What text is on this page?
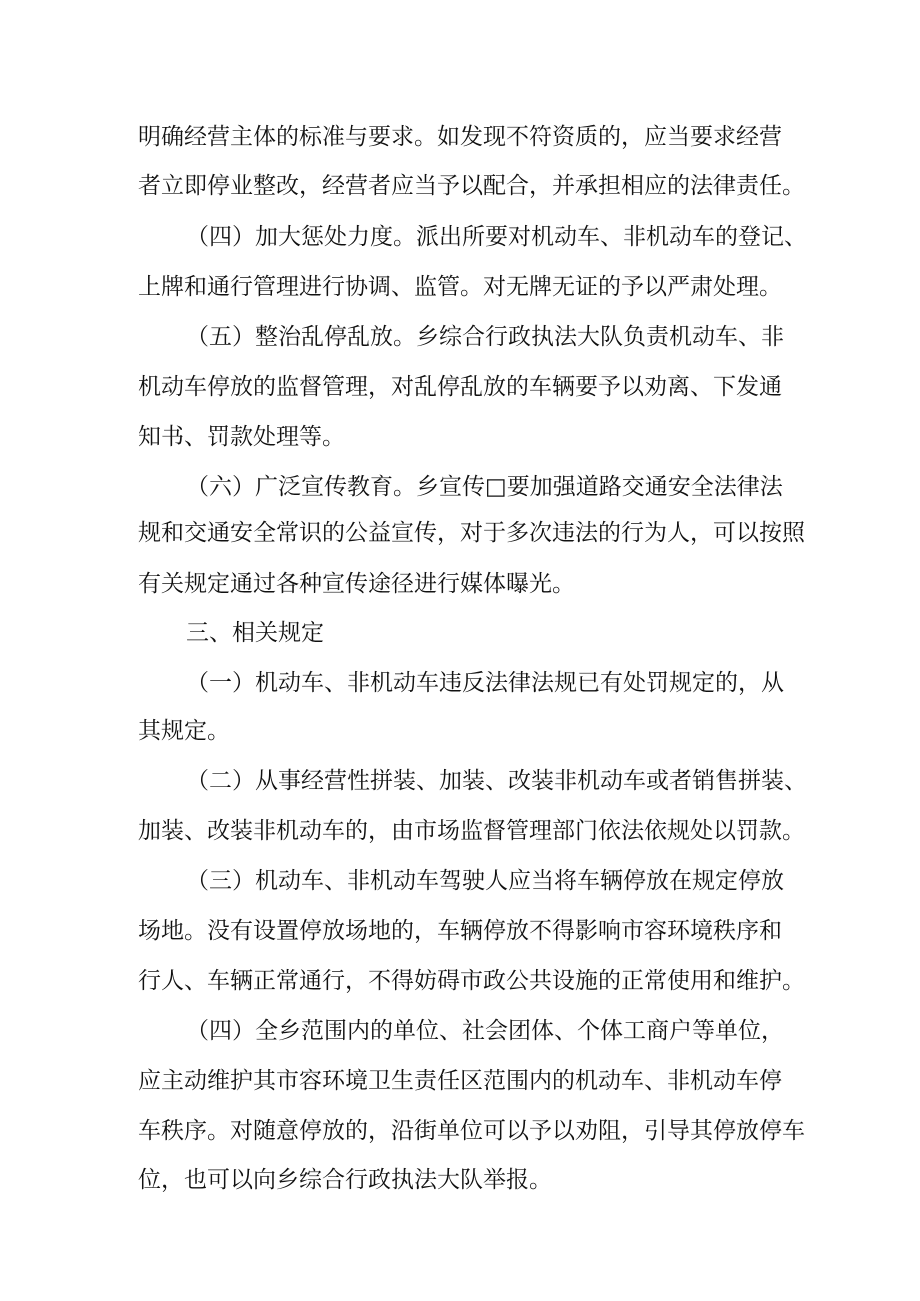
明确经营主体的标准与要求。如发现不符资质的，应当要求经营

者立即停业整改，经营者应当予以配合，并承担相应的法律责任。

（四）加大惩处力度。派出所要对机动车、非机动车的登记、

上牌和通行管理进行协调、监管。对无牌无证的予以严肃处理。

（五）整治乱停乱放。乡综合行政执法大队负责机动车、非

机动车停放的监督管理，对乱停乱放的车辆要予以劝离、下发通

知书、罚款处理等。

（六）广泛宣传教育。乡宣传□要加强道路交通安全法律法

规和交通安全常识的公益宣传，对于多次违法的行为人，可以按照

有关规定通过各种宣传途径进行媒体曝光。

三、相关规定

（一）机动车、非机动车违反法律法规已有处罚规定的，从

其规定。

（二）从事经营性拼装、加装、改装非机动车或者销售拼装、

加装、改装非机动车的，由市场监督管理部门依法依规处以罚款。

（三）机动车、非机动车驾驶人应当将车辆停放在规定停放

场地。没有设置停放场地的，车辆停放不得影响市容环境秩序和

行人、车辆正常通行，不得妨碍市政公共设施的正常使用和维护。

（四）全乡范围内的单位、社会团体、个体工商户等单位，

应主动维护其市容环境卫生责任区范围内的机动车、非机动车停

车秩序。对随意停放的，沿街单位可以予以劝阻，引导其停放停车

位，也可以向乡综合行政执法大队举报。
